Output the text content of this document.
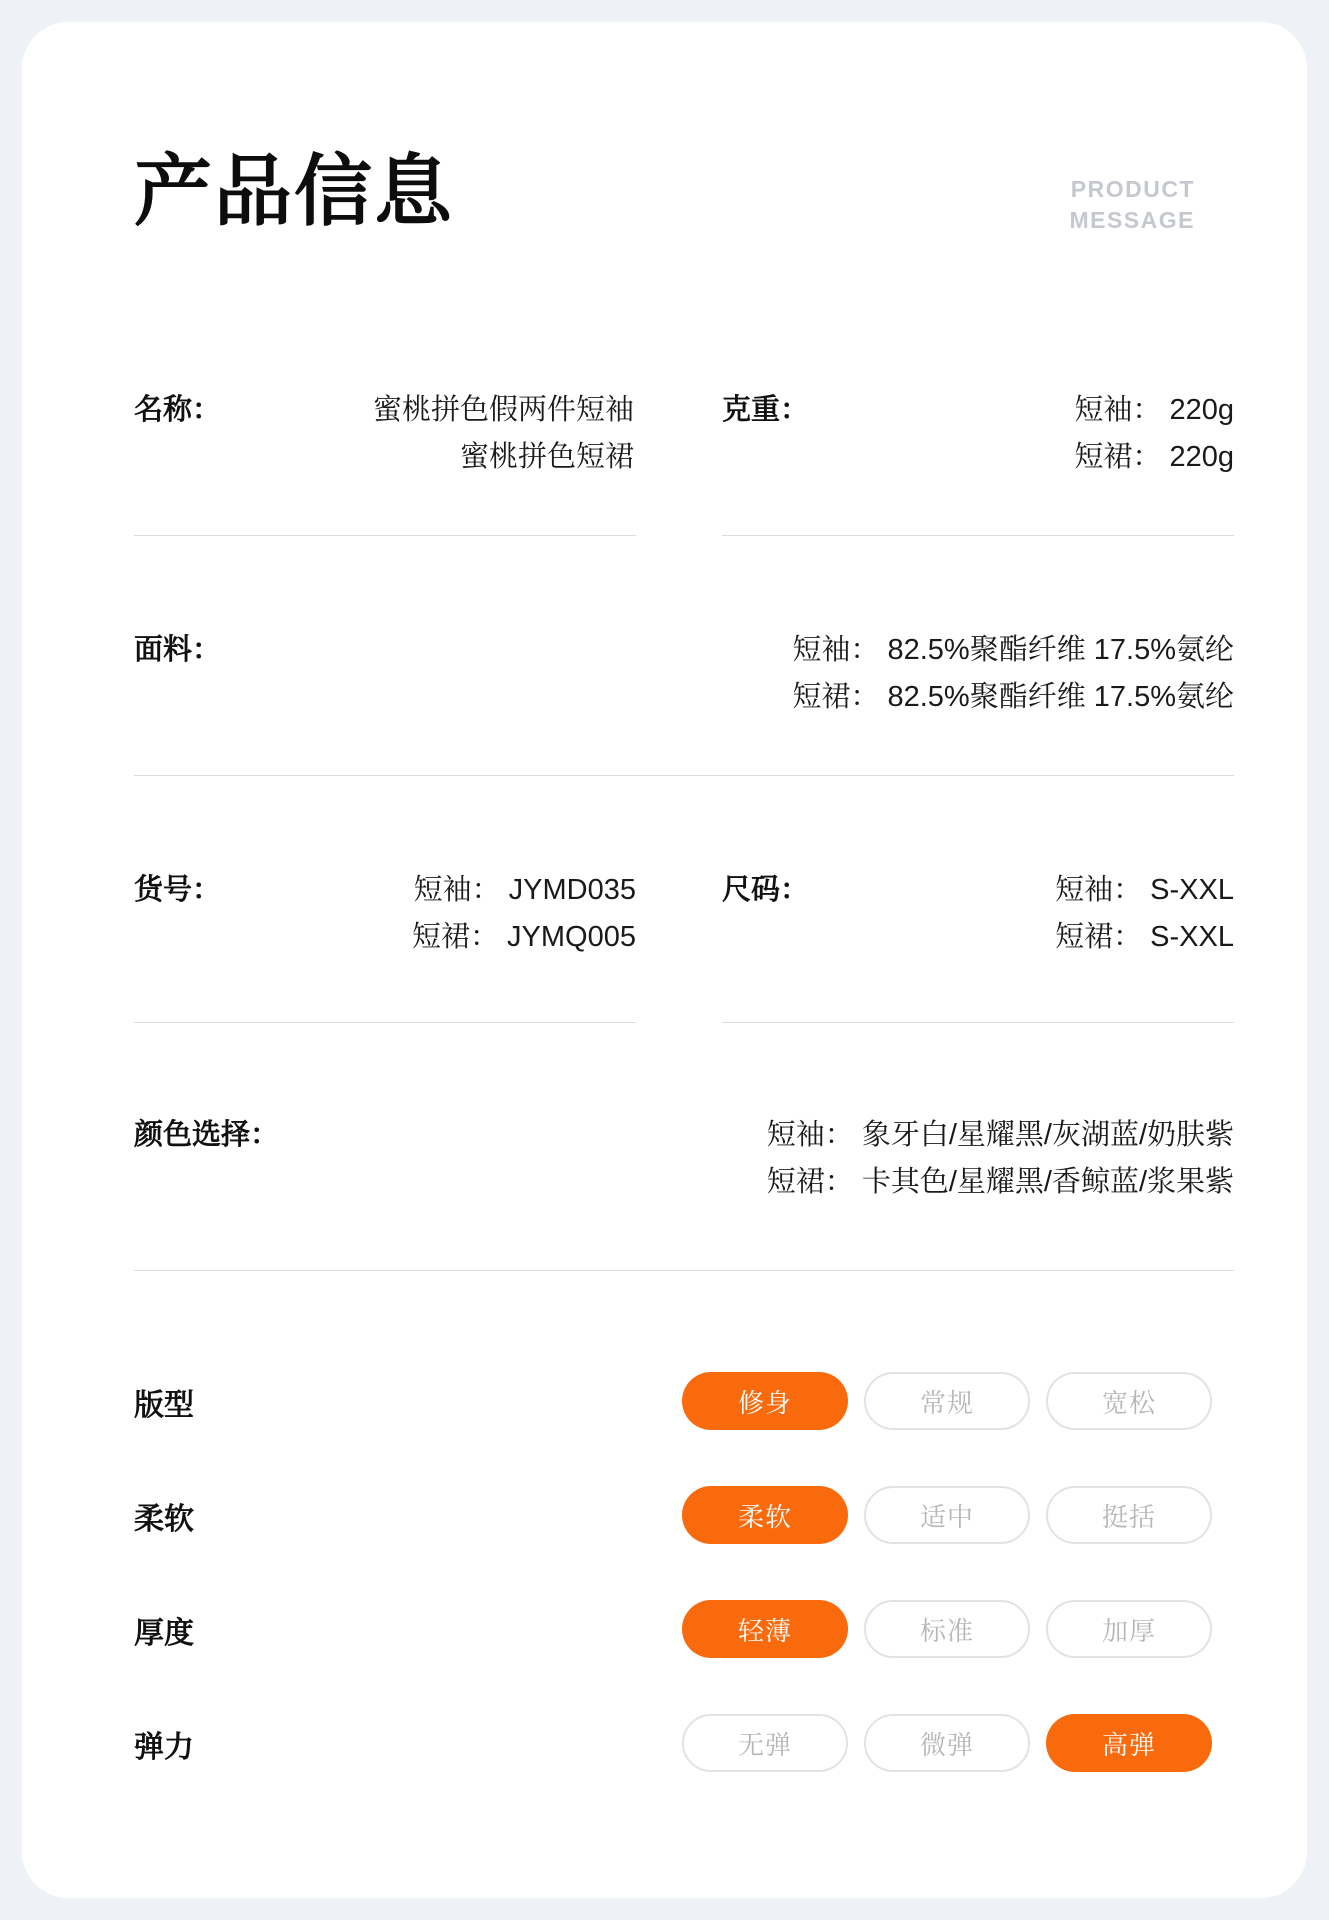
产品信息	PRODUCT
MESSAGE
名称：	蜜桃拼色假两件短袖
蜜桃拼色短裙
克重：	短袖： 220g
短裙： 220g
面料：	短袖： 82.5%聚酯纤维 17.5%氨纶
短裙： 82.5%聚酯纤维 17.5%氨纶
货号：	短袖： JYMD035
短裙： JYMQ005
尺码：	短袖： S-XXL
短裙： S-XXL
颜色选择：	短袖： 象牙白/星耀黑/灰湖蓝/奶肤紫
短裙： 卡其色/星耀黑/香鲸蓝/浆果紫
版型	修身	常规	宽松
柔软	柔软	适中	挺括
厚度	轻薄	标准	加厚
弹力	无弹	微弹	高弹
